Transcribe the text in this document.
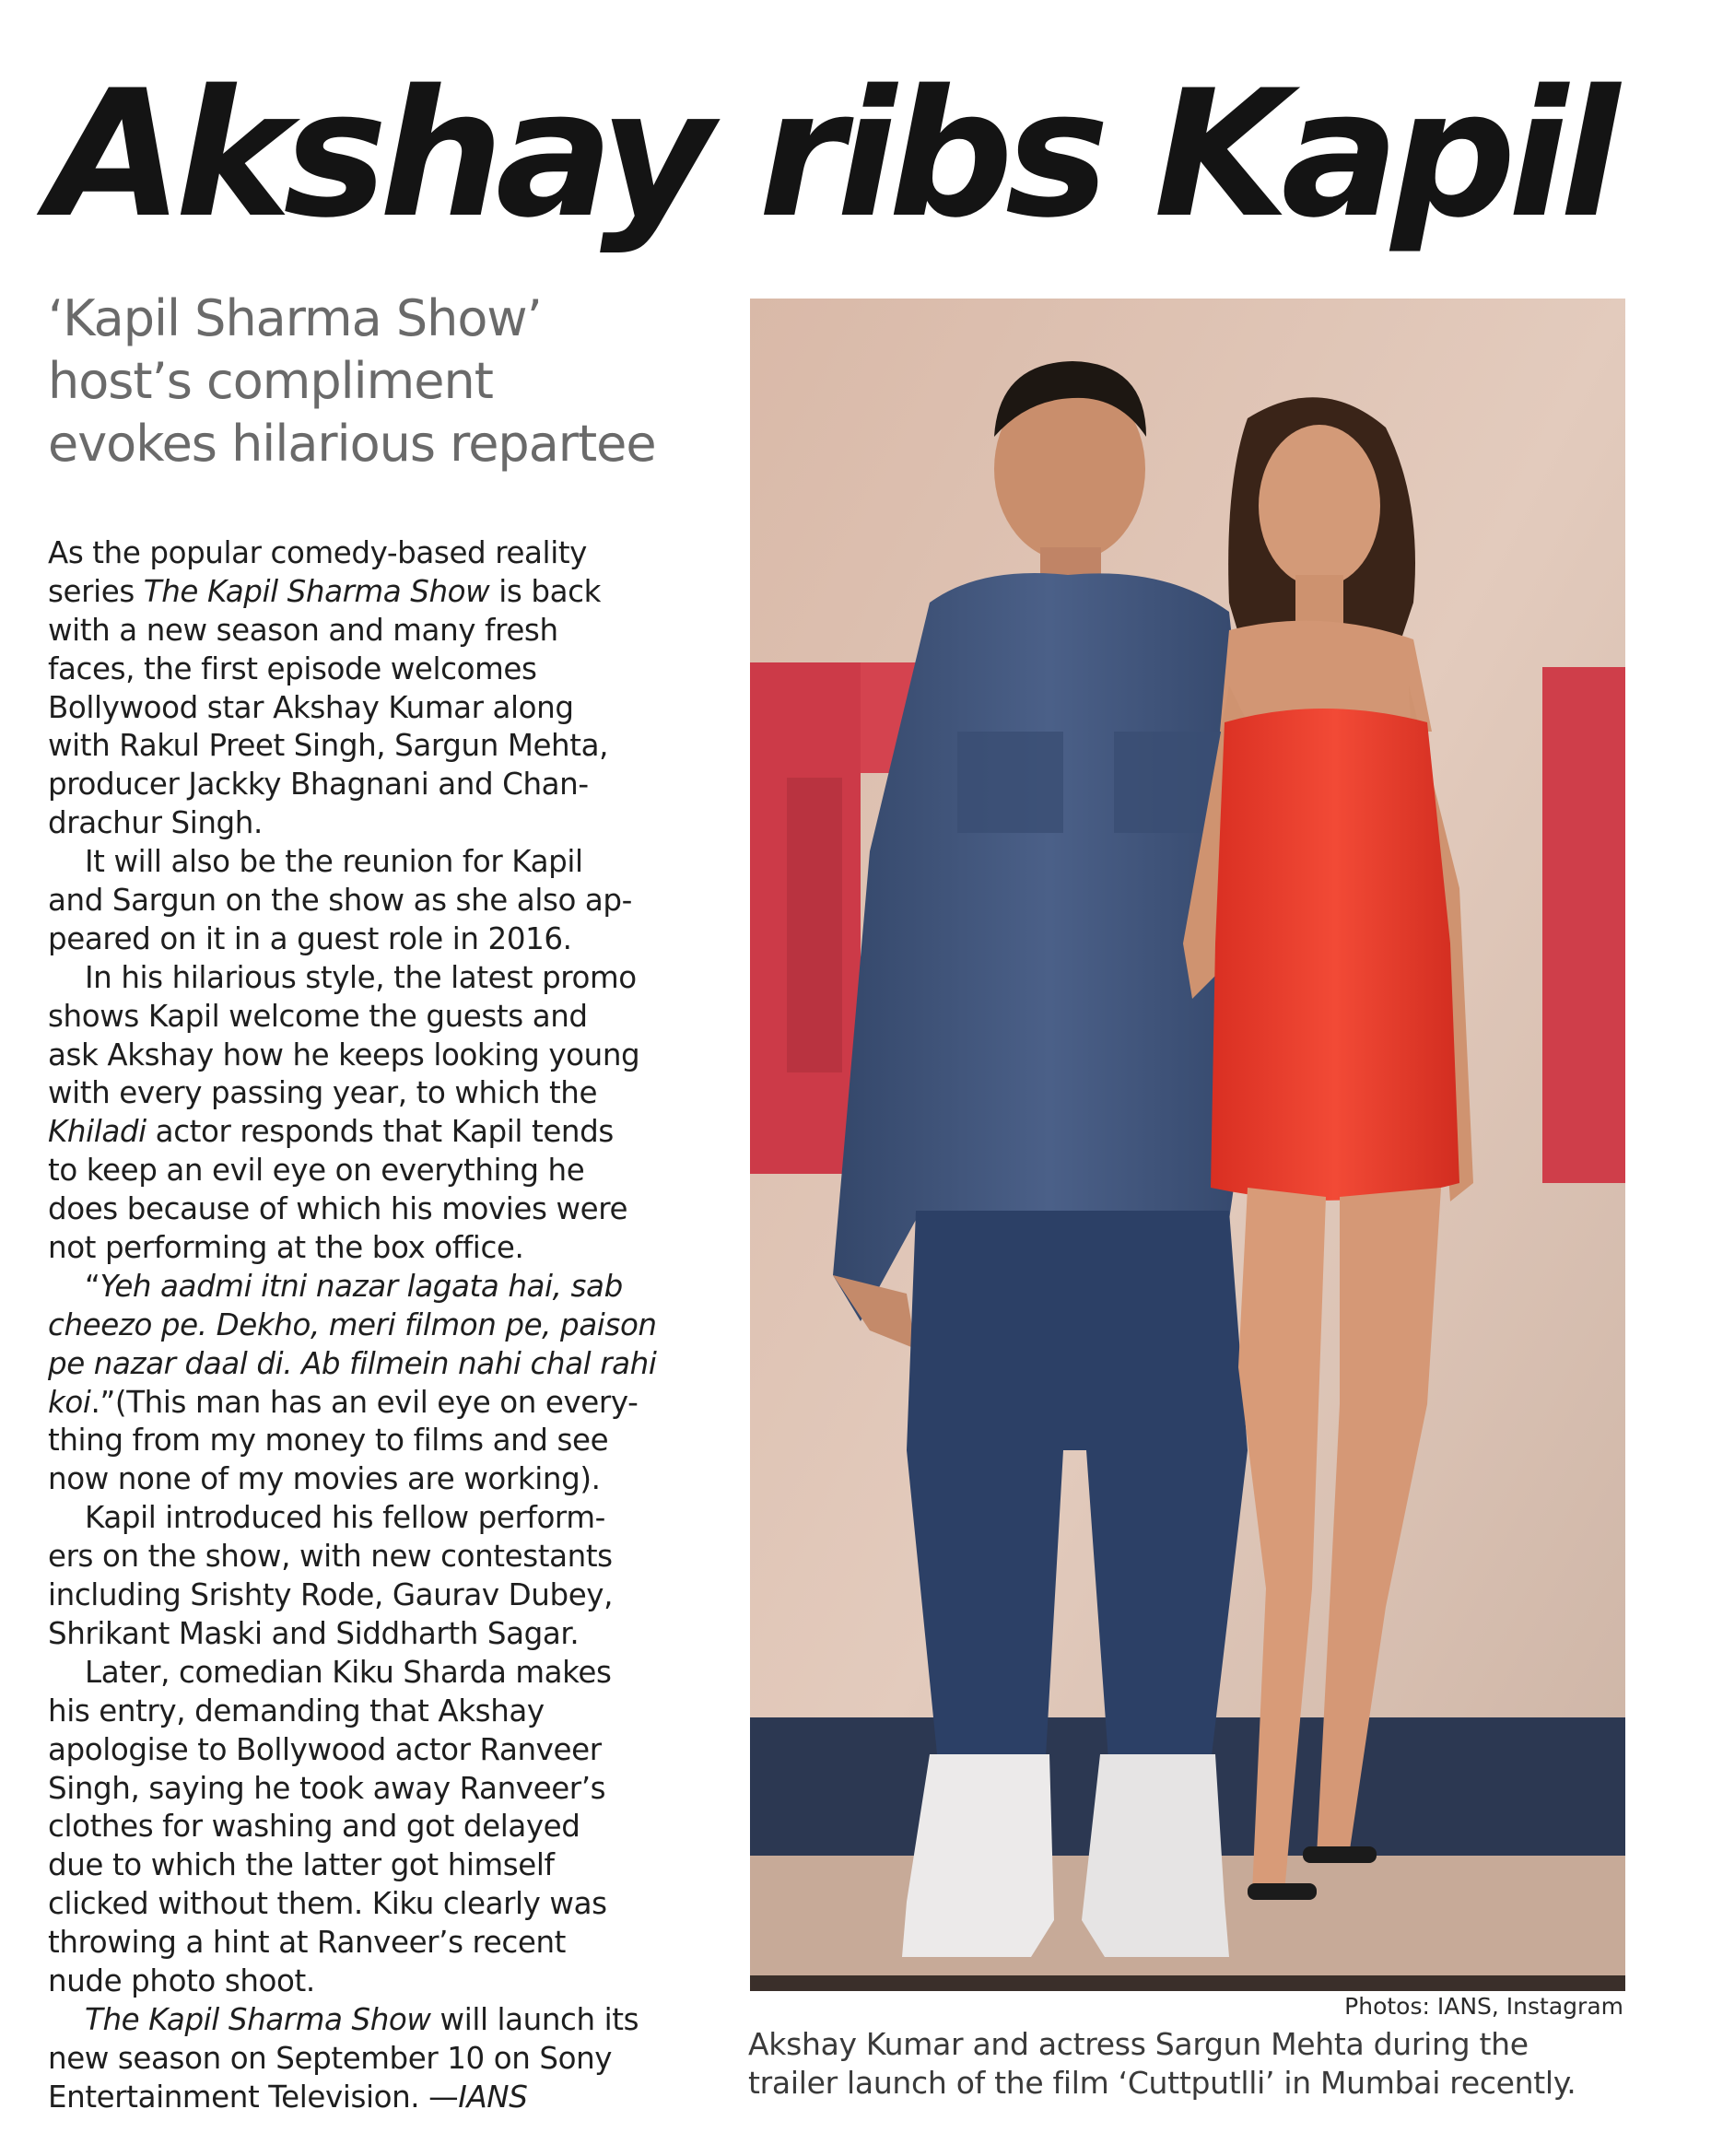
Akshay ribs Kapil
‘Kapil Sharma Show’
host’s compliment
evokes hilarious repartee
As the popular comedy-based reality
series The Kapil Sharma Show is back
with a new season and many fresh
faces, the first episode welcomes
Bollywood star Akshay Kumar along
with Rakul Preet Singh, Sargun Mehta,
producer Jackky Bhagnani and Chan-
drachur Singh.
It will also be the reunion for Kapil
and Sargun on the show as she also ap-
peared on it in a guest role in 2016.
In his hilarious style, the latest promo
shows Kapil welcome the guests and
ask Akshay how he keeps looking young
with every passing year, to which the
Khiladi actor responds that Kapil tends
to keep an evil eye on everything he
does because of which his movies were
not performing at the box office.
“Yeh aadmi itni nazar lagata hai, sab
cheezo pe. Dekho, meri filmon pe, paison
pe nazar daal di. Ab filmein nahi chal rahi
koi.”(This man has an evil eye on every-
thing from my money to films and see
now none of my movies are working).
Kapil introduced his fellow perform-
ers on the show, with new contestants
including Srishty Rode, Gaurav Dubey,
Shrikant Maski and Siddharth Sagar.
Later, comedian Kiku Sharda makes
his entry, demanding that Akshay
apologise to Bollywood actor Ranveer
Singh, saying he took away Ranveer’s
clothes for washing and got delayed
due to which the latter got himself
clicked without them. Kiku clearly was
throwing a hint at Ranveer’s recent
nude photo shoot.
The Kapil Sharma Show will launch its
new season on September 10 on Sony
Entertainment Television. —IANS
Photos: IANS, Instagram
Akshay Kumar and actress Sargun Mehta during the
trailer launch of the film ‘Cuttputlli’ in Mumbai recently.
